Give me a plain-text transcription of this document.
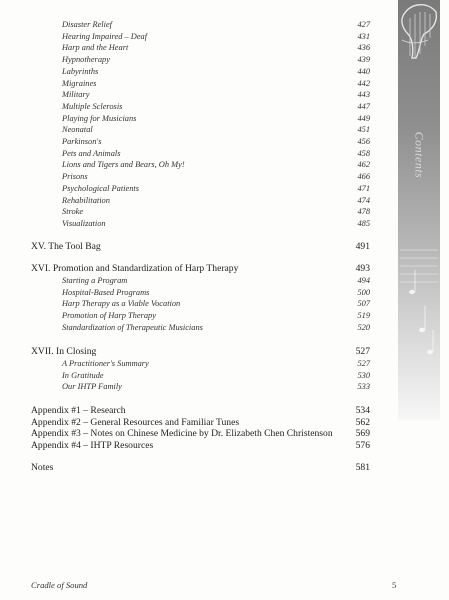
Contents
Disaster Relief	427
Hearing Impaired – Deaf	431
Harp and the Heart	436
Hypnotherapy	439
Labyrinths	440
Migraines	442
Military	443
Multiple Sclerosis	447
Playing for Musicians	449
Neonatal	451
Parkinson's	456
Pets and Animals	458
Lions and Tigers and Bears, Oh My!	462
Prisons	466
Psychological Patients	471
Rehabilitation	474
Stroke	478
Visualization	485
XV. The Tool Bag	491
XVI. Promotion and Standardization of Harp Therapy	493
Starting a Program	494
Hospital-Based Programs	500
Harp Therapy as a Viable Vocation	507
Promotion of Harp Therapy	519
Standardization of Therapeutic Musicians	520
XVII. In Closing	527
A Practitioner's Summary	527
In Gratitude	530
Our IHTP Family	533
Appendix #1 – Research	534
Appendix #2 – General Resources and Familiar Tunes	562
Appendix #3 – Notes on Chinese Medicine by Dr. Elizabeth Chen Christenson	569
Appendix #4 – IHTP Resources	576
Notes	581
Cradle of Sound	5
